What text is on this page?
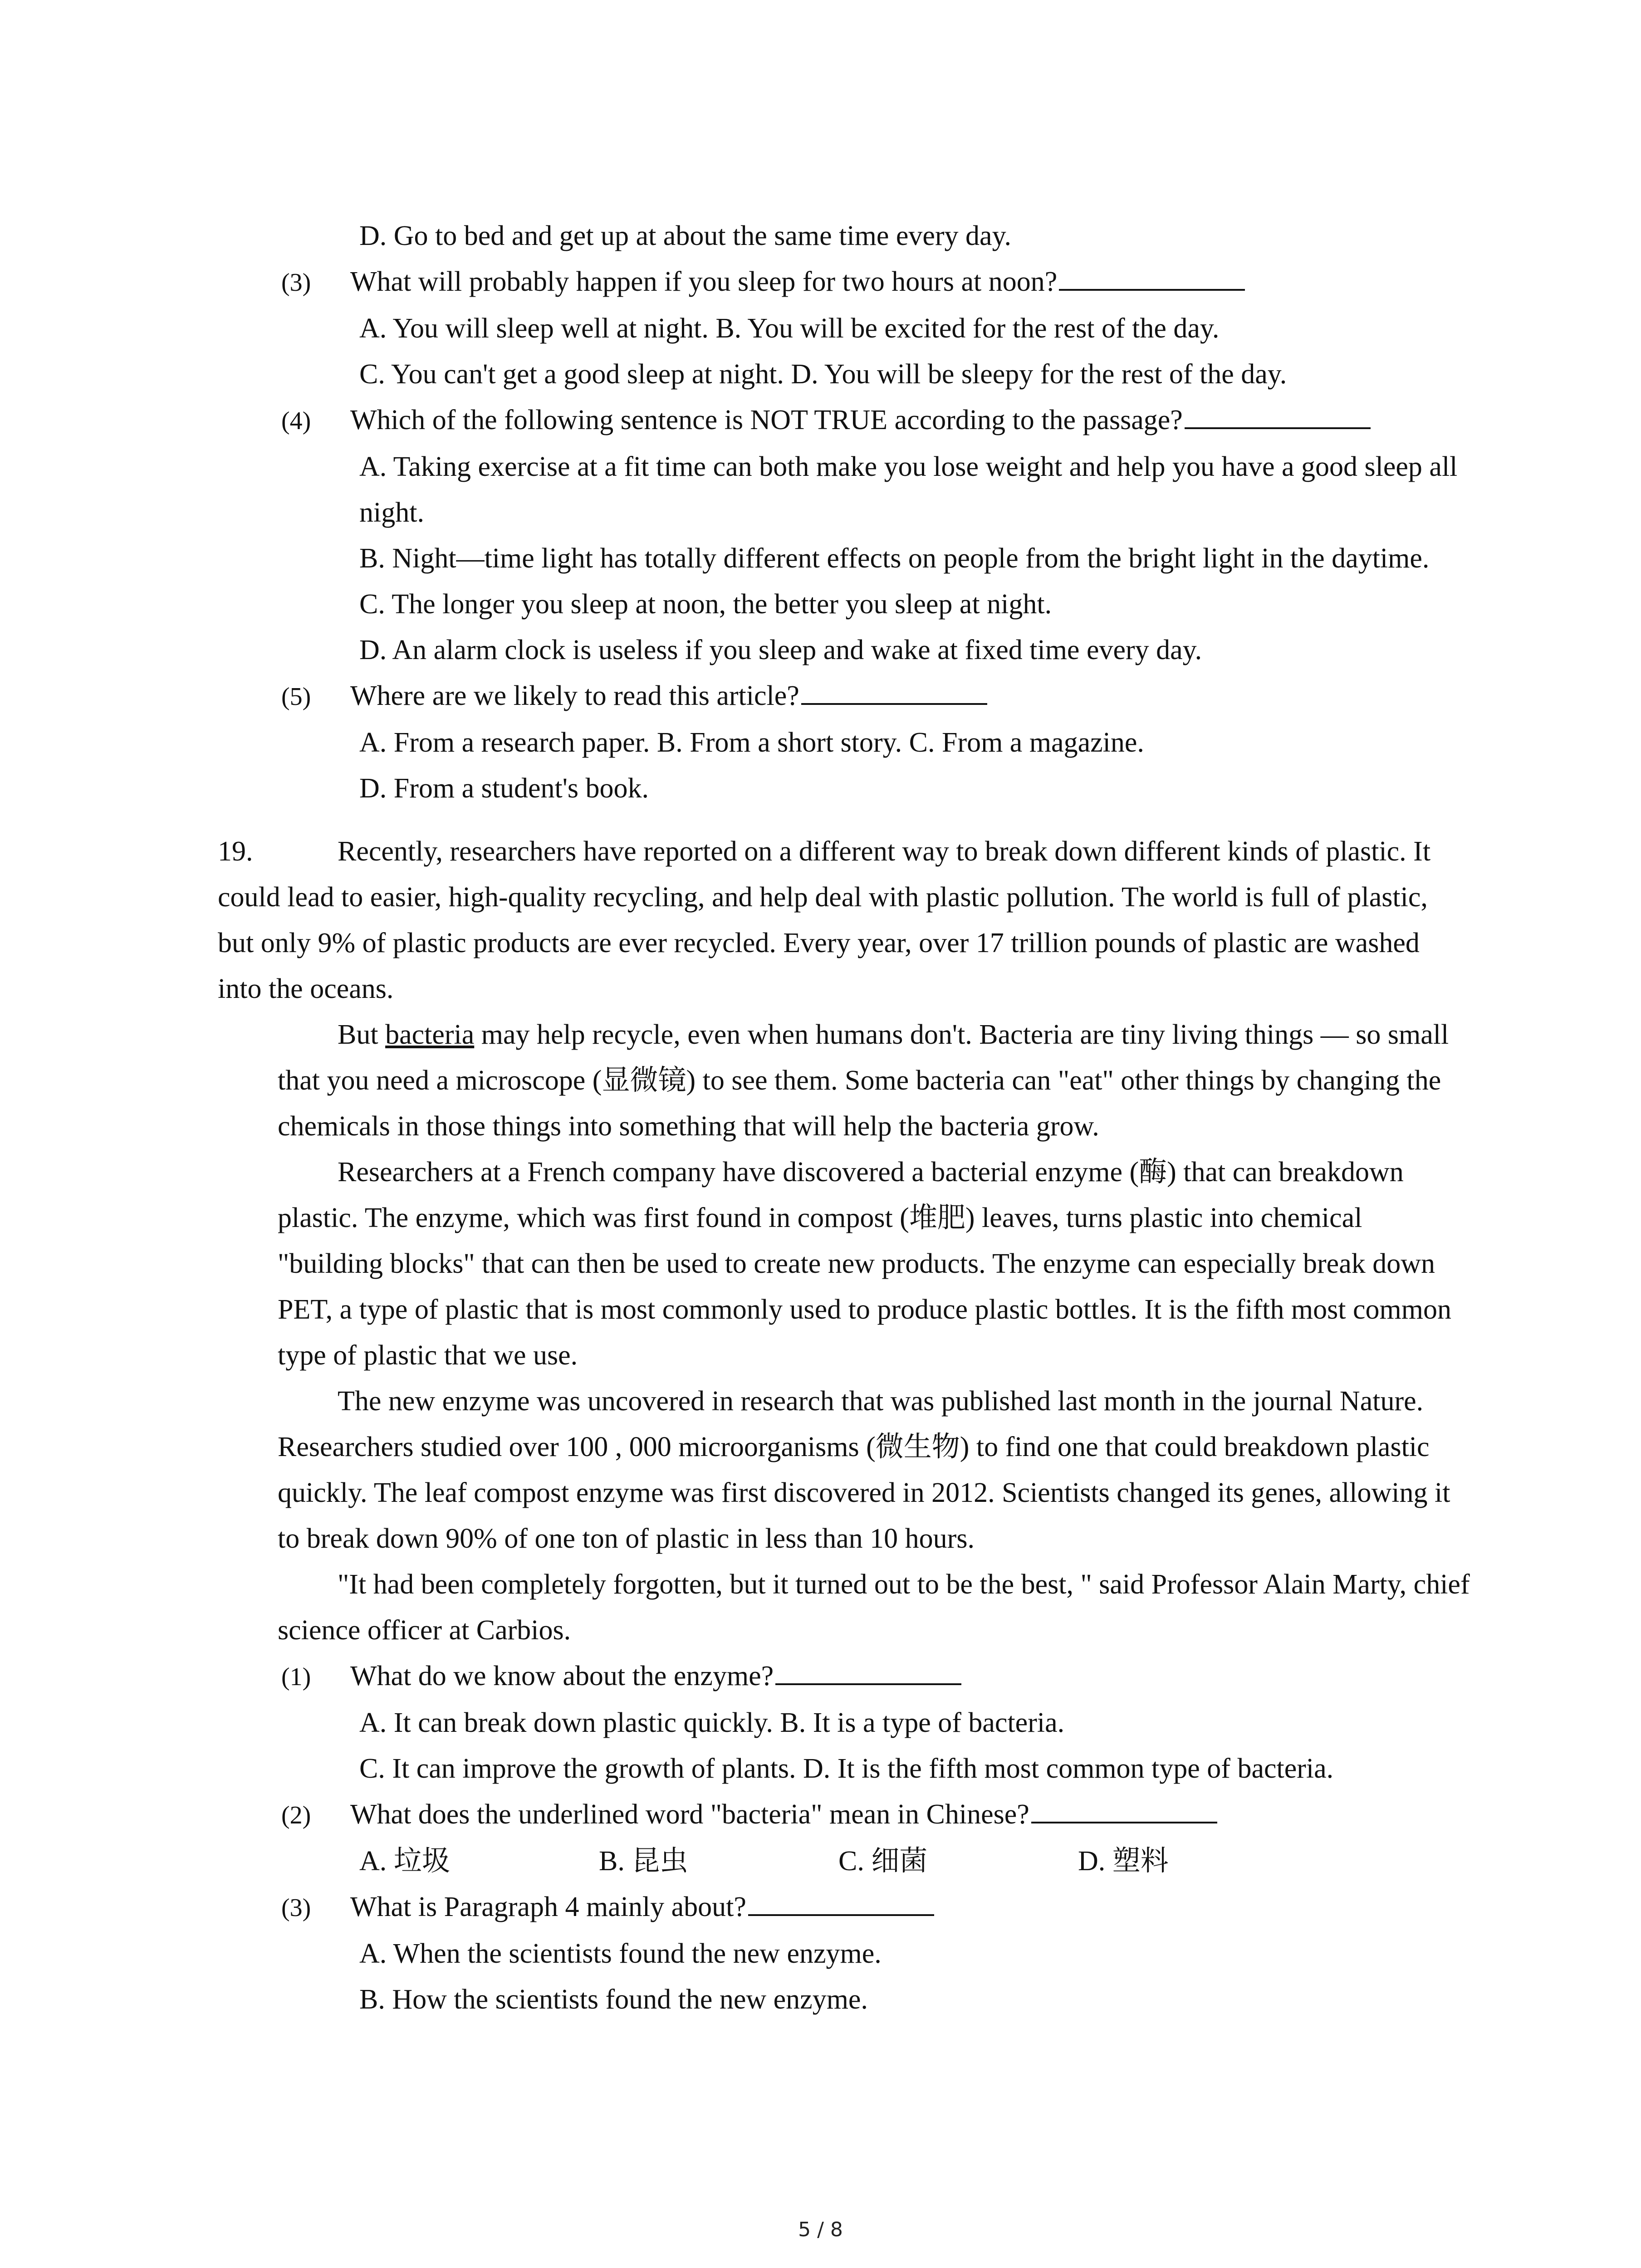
D. Go to bed and get up at about the same time every day.
(3) What will probably happen if you sleep for two hours at noon?
A. You will sleep well at night. B. You will be excited for the rest of the day.
C. You can't get a good sleep at night. D. You will be sleepy for the rest of the day.
(4) Which of the following sentence is NOT TRUE according to the passage?
A. Taking exercise at a fit time can both make you lose weight and help you have a good sleep all night.
B. Night—time light has totally different effects on people from the bright light in the daytime.
C. The longer you sleep at noon, the better you sleep at night.
D. An alarm clock is useless if you sleep and wake at fixed time every day.
(5) Where are we likely to read this article?
A. From a research paper. B. From a short story. C. From a magazine.
D. From a student's book.
19.	Recently, researchers have reported on a different way to break down different kinds of plastic. It could lead to easier, high-quality recycling, and help deal with plastic pollution. The world is full of plastic, but only 9% of plastic products are ever recycled. Every year, over 17 trillion pounds of plastic are washed into the oceans.
But bacteria may help recycle, even when humans don't. Bacteria are tiny living things — so small that you need a microscope (显微镜) to see them. Some bacteria can "eat" other things by changing the chemicals in those things into something that will help the bacteria grow.
Researchers at a French company have discovered a bacterial enzyme (酶) that can breakdown plastic. The enzyme, which was first found in compost (堆肥) leaves, turns plastic into chemical "building blocks" that can then be used to create new products. The enzyme can especially break down PET, a type of plastic that is most commonly used to produce plastic bottles. It is the fifth most common type of plastic that we use.
The new enzyme was uncovered in research that was published last month in the journal Nature. Researchers studied over 100 , 000 microorganisms (微生物) to find one that could breakdown plastic quickly. The leaf compost enzyme was first discovered in 2012. Scientists changed its genes, allowing it to break down 90% of one ton of plastic in less than 10 hours.
"It had been completely forgotten, but it turned out to be the best, " said Professor Alain Marty, chief science officer at Carbios.
(1) What do we know about the enzyme?
A. It can break down plastic quickly. B. It is a type of bacteria.
C. It can improve the growth of plants. D. It is the fifth most common type of bacteria.
(2) What does the underlined word "bacteria" mean in Chinese?
A. 垃圾	B. 昆虫	C. 细菌	D. 塑料
(3) What is Paragraph 4 mainly about?
A. When the scientists found the new enzyme.
B. How the scientists found the new enzyme.
5 / 8
